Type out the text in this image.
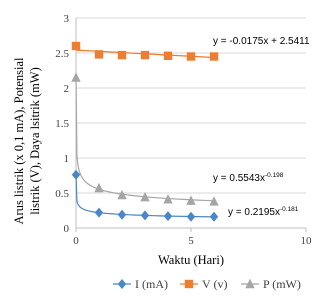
0
0.5
1
1.5
2
2.5
3
0	5	10
$y = 0.2195x^{-0.181}$
y = -0.0175x + 2.5411
$y = 0.5543x^{-0.198}$
Waktu (Hari)
Arus listrik (x 0,1 mA), Potensial listrik (V), Daya lsitrik (mW)
I (mA)	V (v)	P (mW)
